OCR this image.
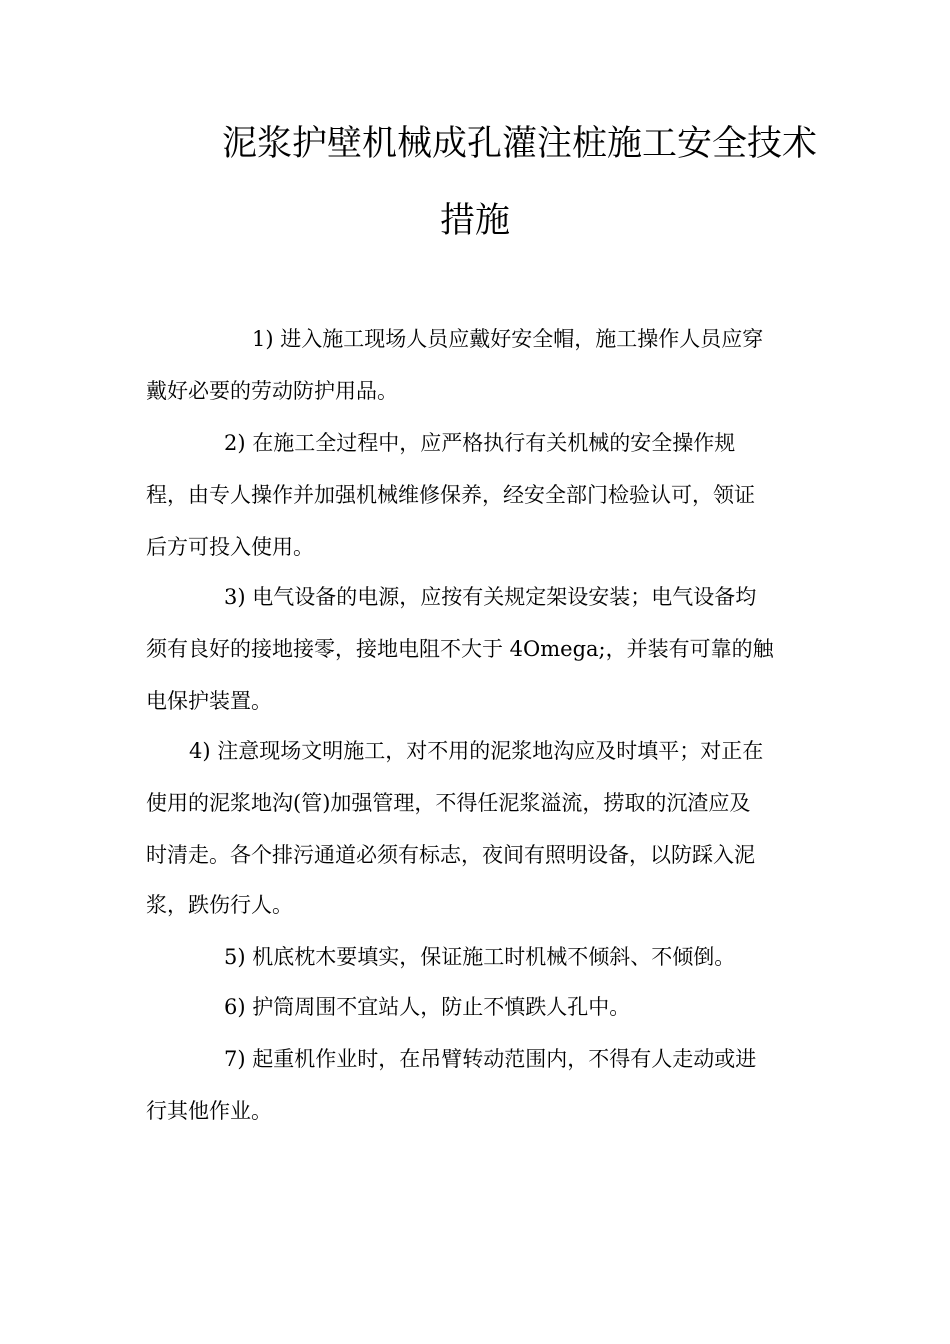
泥浆护壁机械成孔灌注桩施工安全技术
措施
1) 进入施工现场人员应戴好安全帽，施工操作人员应穿
戴好必要的劳动防护用品。
2) 在施工全过程中，应严格执行有关机械的安全操作规
程，由专人操作并加强机械维修保养，经安全部门检验认可，领证
后方可投入使用。
3) 电气设备的电源，应按有关规定架设安装；电气设备均
须有良好的接地接零，接地电阻不大于 4Omega;，并装有可靠的触
电保护装置。
4) 注意现场文明施工，对不用的泥浆地沟应及时填平；对正在
使用的泥浆地沟(管)加强管理，不得任泥浆溢流，捞取的沉渣应及
时清走。各个排污通道必须有标志，夜间有照明设备，以防踩入泥
浆，跌伤行人。
5) 机底枕木要填实，保证施工时机械不倾斜、不倾倒。
6) 护筒周围不宜站人，防止不慎跌人孔中。
7) 起重机作业时，在吊臂转动范围内，不得有人走动或进
行其他作业。
